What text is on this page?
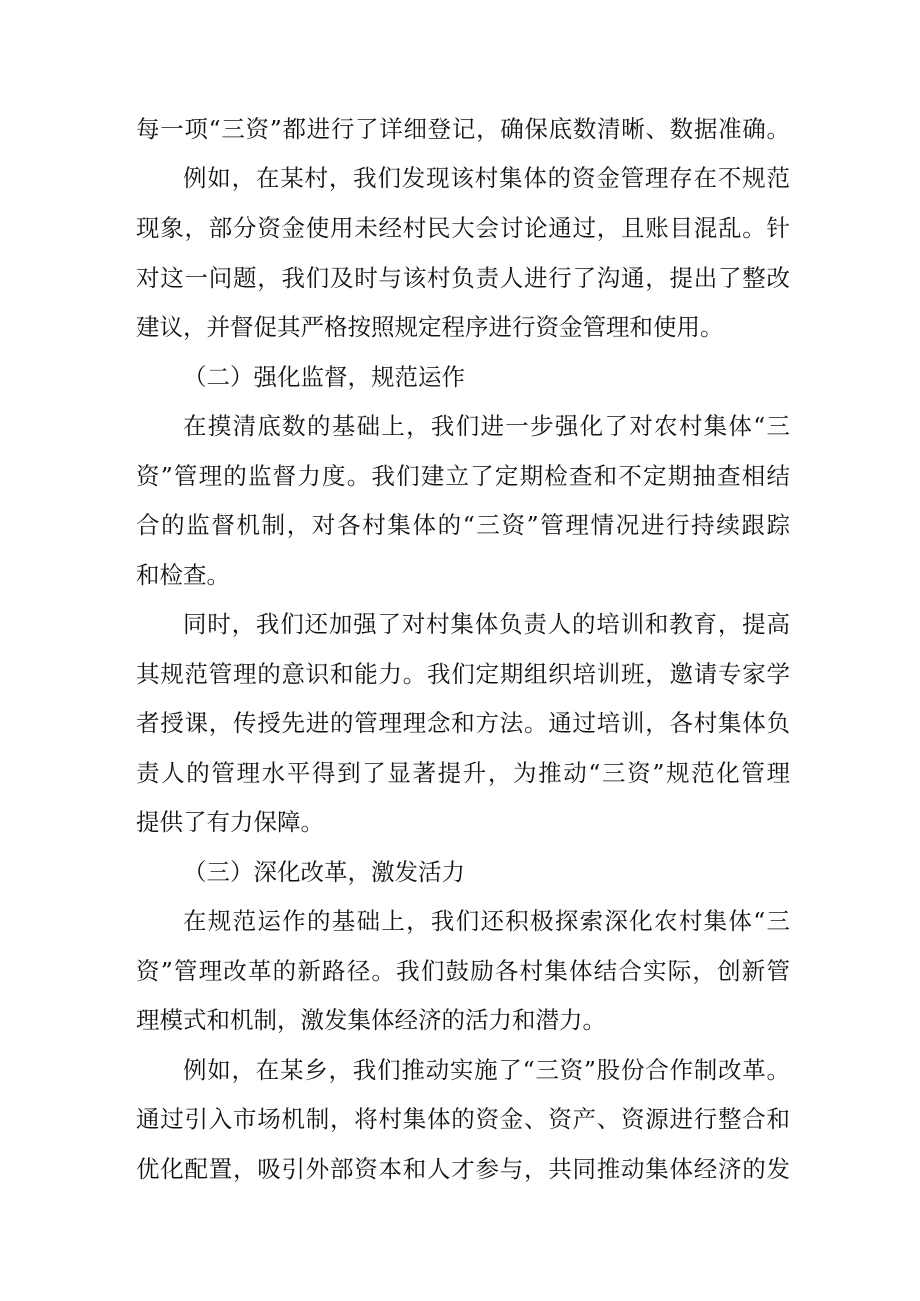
每一项“三资”都进行了详细登记，确保底数清晰、数据准确。
例如，在某村，我们发现该村集体的资金管理存在不规范
现象，部分资金使用未经村民大会讨论通过，且账目混乱。针
对这一问题，我们及时与该村负责人进行了沟通，提出了整改
建议，并督促其严格按照规定程序进行资金管理和使用。
（二）强化监督，规范运作
在摸清底数的基础上，我们进一步强化了对农村集体“三
资”管理的监督力度。我们建立了定期检查和不定期抽查相结
合的监督机制，对各村集体的“三资”管理情况进行持续跟踪
和检查。
同时，我们还加强了对村集体负责人的培训和教育，提高
其规范管理的意识和能力。我们定期组织培训班，邀请专家学
者授课，传授先进的管理理念和方法。通过培训，各村集体负
责人的管理水平得到了显著提升，为推动“三资”规范化管理
提供了有力保障。
（三）深化改革，激发活力
在规范运作的基础上，我们还积极探索深化农村集体“三
资”管理改革的新路径。我们鼓励各村集体结合实际，创新管
理模式和机制，激发集体经济的活力和潜力。
例如，在某乡，我们推动实施了“三资”股份合作制改革。
通过引入市场机制，将村集体的资金、资产、资源进行整合和
优化配置，吸引外部资本和人才参与，共同推动集体经济的发
